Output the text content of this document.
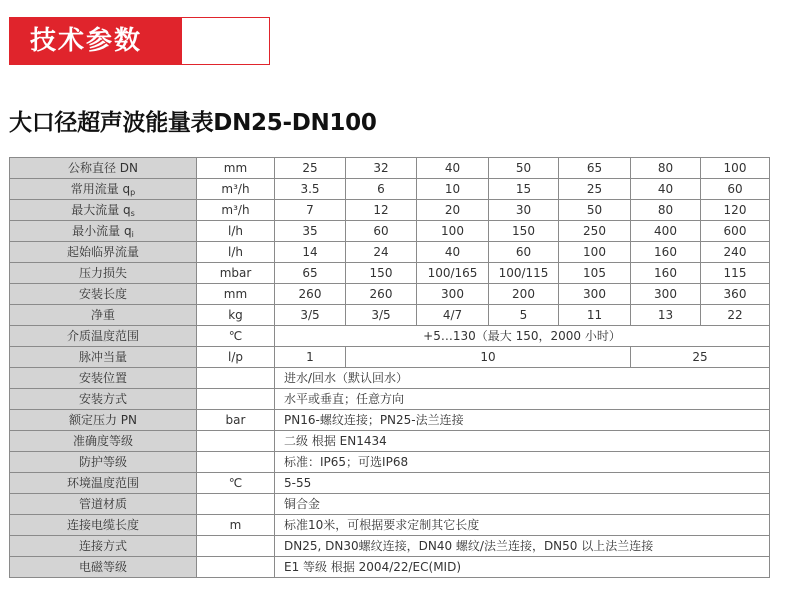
技术参数
大口径超声波能量表DN25-DN100
公称直径 DN	mm	25	32	40	50	65	80	100
常用流量 $q_p$	m³/h	3.5	6	10	15	25	40	60
最大流量 $q_s$	m³/h	7	12	20	30	50	80	120
最小流量 $q_i$	l/h	35	60	100	150	250	400	600
起始临界流量	l/h	14	24	40	60	100	160	240
压力损失	mbar	65	150	100/165	100/115	105	160	115
安装长度	mm	260	260	300	200	300	300	360
净重	kg	3/5	3/5	4/7	5	11	13	22
介质温度范围	℃	+5…130（最大 150，2000 小时）						
脉冲当量	l/p	1	10				25	
安装位置		进水/回水（默认回水）						
安装方式		水平或垂直；任意方向						
额定压力 PN	bar	PN16-螺纹连接；PN25-法兰连接						
准确度等级		二级 根据 EN1434						
防护等级		标准：IP65；可选IP68						
环境温度范围	℃	5-55						
管道材质		铜合金						
连接电缆长度	m	标准10米，可根据要求定制其它长度						
连接方式		DN25, DN30螺纹连接，DN40 螺纹/法兰连接，DN50 以上法兰连接						
电磁等级		E1 等级 根据 2004/22/EC(MID)						
